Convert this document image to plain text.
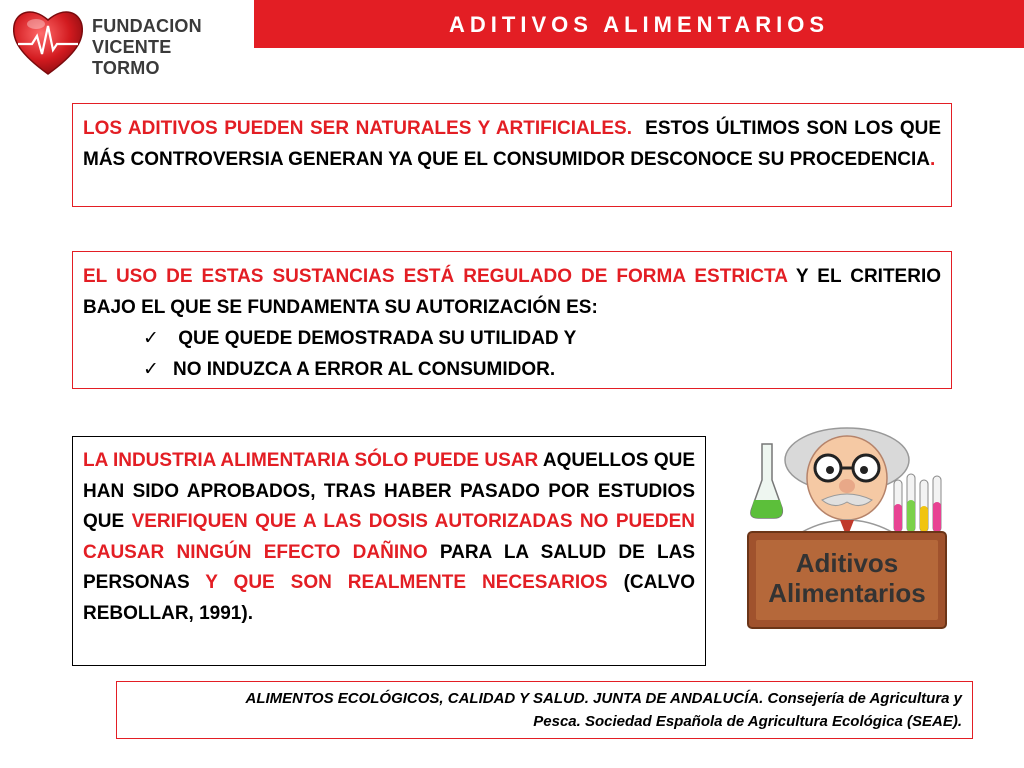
FUNDACION
VICENTE TORMO
ADITIVOS ALIMENTARIOS
LOS ADITIVOS PUEDEN SER NATURALES Y ARTIFICIALES. ESTOS ÚLTIMOS SON LOS QUE MÁS CONTROVERSIA GENERAN YA QUE EL CONSUMIDOR DESCONOCE SU PROCEDENCIA.
EL USO DE ESTAS SUSTANCIAS ESTÁ REGULADO DE FORMA ESTRICTA Y EL CRITERIO BAJO EL QUE SE FUNDAMENTA SU AUTORIZACIÓN ES:
✓ QUE QUEDE DEMOSTRADA SU UTILIDAD Y
✓ NO INDUZCA A ERROR AL CONSUMIDOR.
LA INDUSTRIA ALIMENTARIA SÓLO PUEDE USAR AQUELLOS QUE HAN SIDO APROBADOS, TRAS HABER PASADO POR ESTUDIOS QUE VERIFIQUEN QUE A LAS DOSIS AUTORIZADAS NO PUEDEN CAUSAR NINGÚN EFECTO DAÑINO PARA LA SALUD DE LAS PERSONAS Y QUE SON REALMENTE NECESARIOS (CALVO REBOLLAR, 1991).
Aditivos
Alimentarios
ALIMENTOS ECOLÓGICOS, CALIDAD Y SALUD. JUNTA DE ANDALUCÍA. Consejería de Agricultura y
Pesca. Sociedad Española de Agricultura Ecológica (SEAE).
